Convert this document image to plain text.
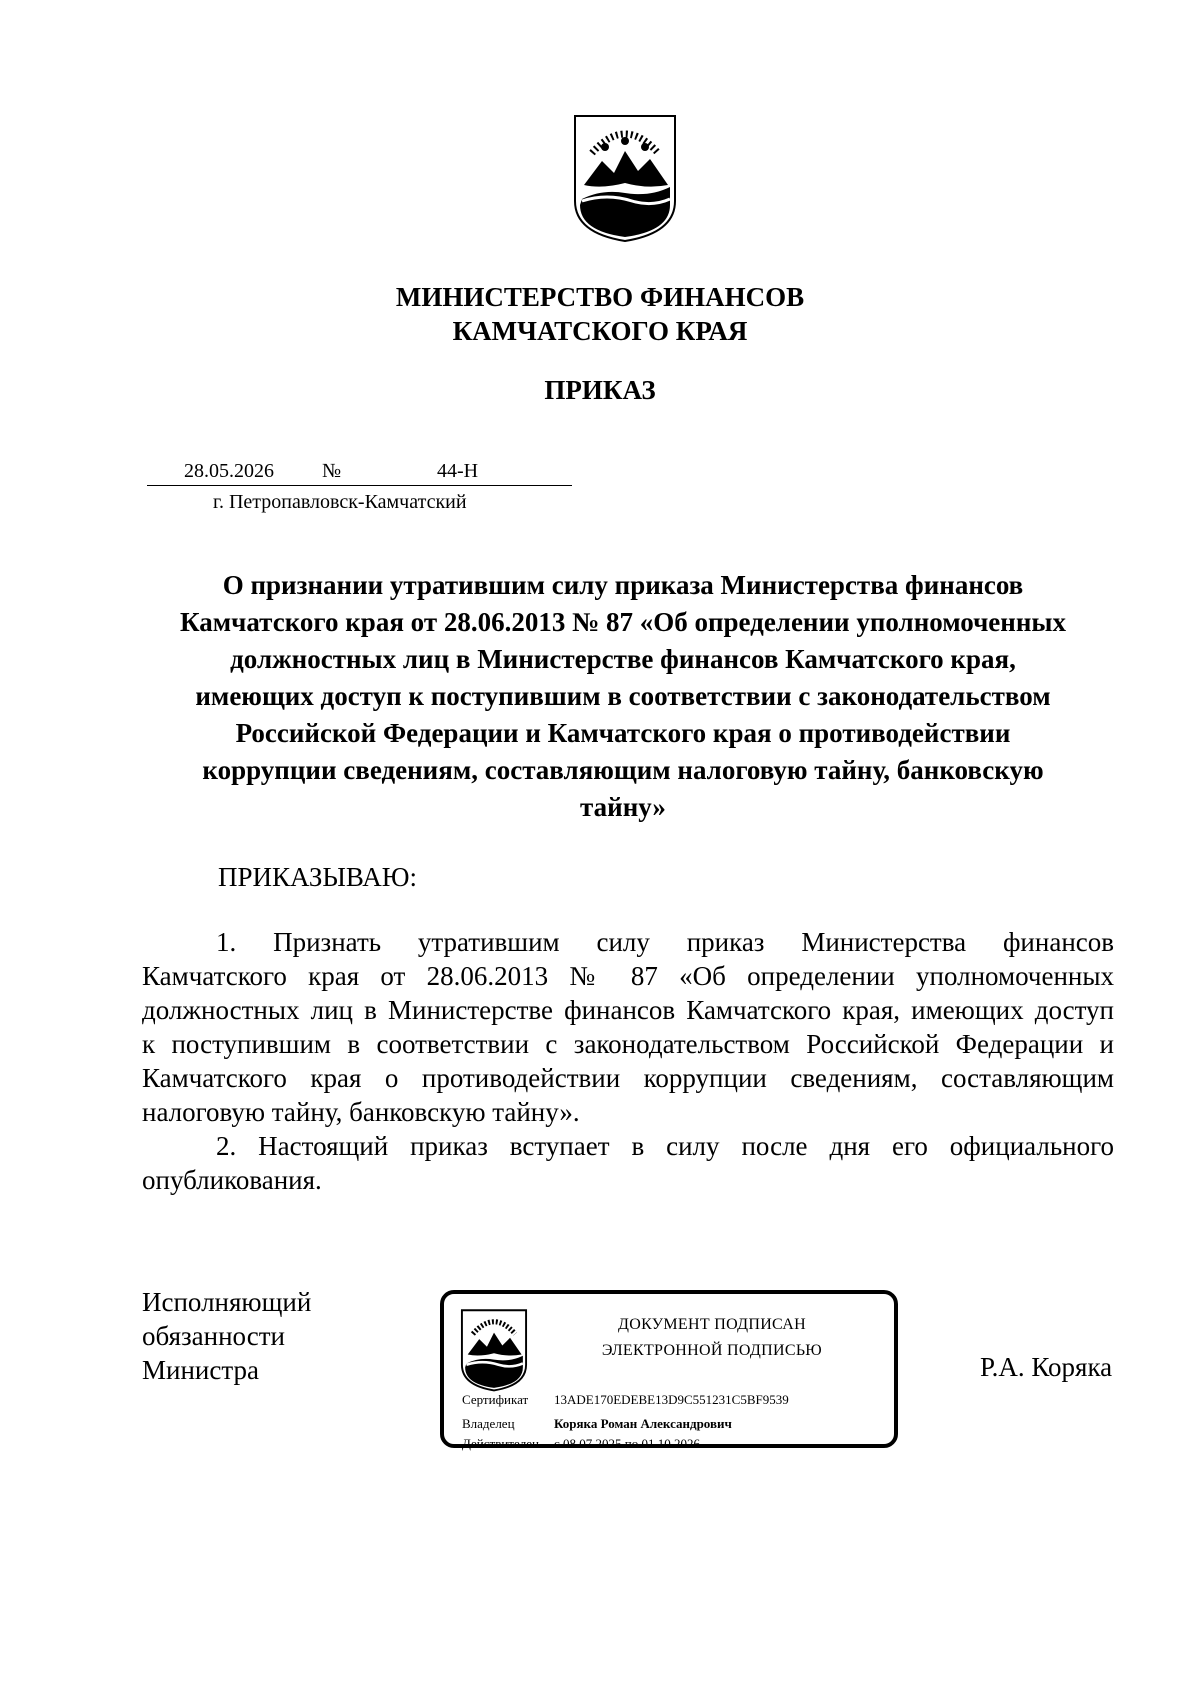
МИНИСТЕРСТВО ФИНАНСОВ
КАМЧАТСКОГО КРАЯ
ПРИКАЗ
28.05.2026 №	44-Н
г. Петропавловск-Камчатский
О признании утратившим силу приказа Министерства финансов
Камчатского края от 28.06.2013 № 87 «Об определении уполномоченных
должностных лиц в Министерстве финансов Камчатского края,
имеющих доступ к поступившим в соответствии с законодательством
Российской Федерации и Камчатского края о противодействии
коррупции сведениям, составляющим налоговую тайну, банковскую
тайну»
ПРИКАЗЫВАЮ:
1. Признать утратившим силу приказ Министерства финансов
Камчатского края от 28.06.2013 № 87 «Об определении уполномоченных
должностных лиц в Министерстве финансов Камчатского края, имеющих доступ
к поступившим в соответствии с законодательством Российской Федерации и
Камчатского края о противодействии коррупции сведениям, составляющим
налоговую тайну, банковскую тайну».
2. Настоящий приказ вступает в силу после дня его официального
опубликования.
Исполняющий
обязанности
Министра
ДОКУМЕНТ ПОДПИСАН
ЭЛЕКТРОННОЙ ПОДПИСЬЮ
Сертификат 13ADE170EDEBE13D9C551231C5BF9539
Владелец	Коряка Роман Александрович
Действителен с 08.07.2025 по 01.10.2026
Р.А. Коряка
